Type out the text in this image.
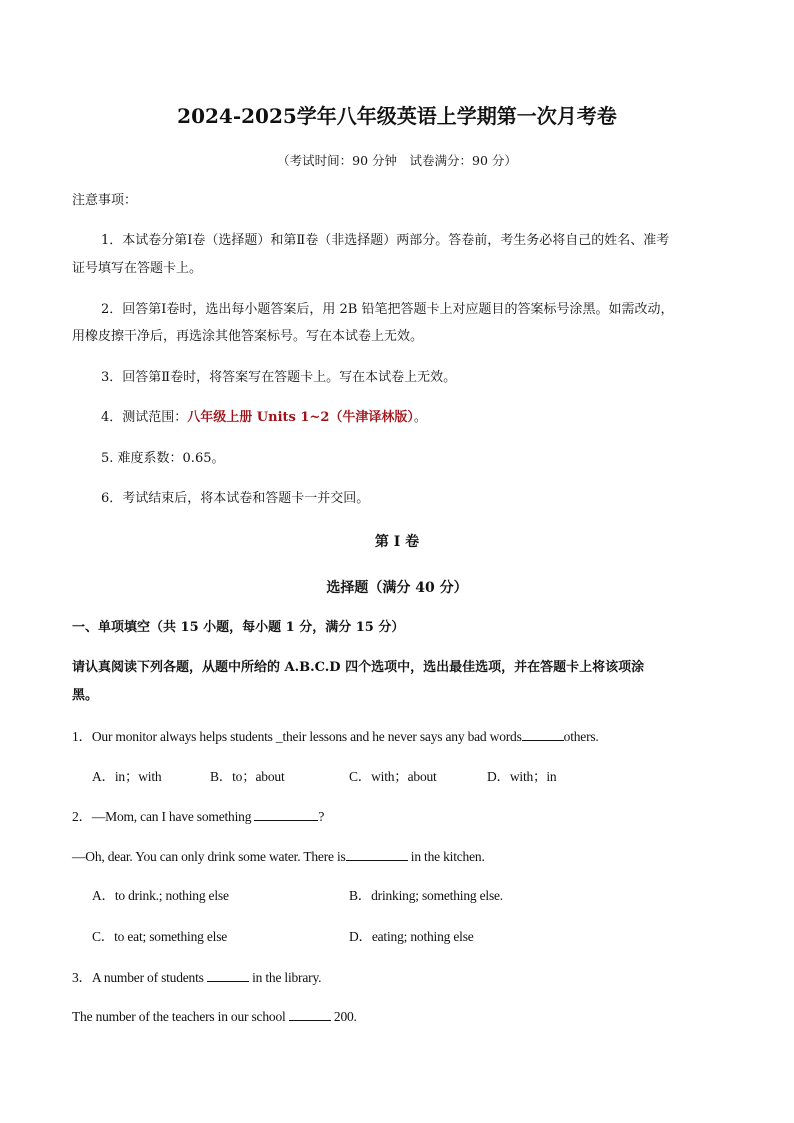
2024-2025学年八年级英语上学期第一次月考卷
（考试时间：90 分钟　试卷满分：90 分）
注意事项：
1．本试卷分第Ⅰ卷（选择题）和第Ⅱ卷（非选择题）两部分。答卷前，考生务必将自己的姓名、准考
证号填写在答题卡上。
2．回答第Ⅰ卷时，选出每小题答案后，用 2B 铅笔把答题卡上对应题目的答案标号涂黑。如需改动，
用橡皮擦干净后，再选涂其他答案标号。写在本试卷上无效。
3．回答第Ⅱ卷时，将答案写在答题卡上。写在本试卷上无效。
4．测试范围：八年级上册 Units 1~2（牛津译林版）。
5. 难度系数：0.65。
6．考试结束后，将本试卷和答题卡一并交回。
第 I 卷
选择题（满分 40 分）
一、单项填空（共 15 小题，每小题 1 分，满分 15 分）
请认真阅读下列各题，从题中所给的 A.B.C.D 四个选项中，选出最佳选项，并在答题卡上将该项涂
黑。
1．Our monitor always helps students _their lessons and he never says any bad words	others.
A．in；with	B．to；about	C．with；about	D．with；in
2．—Mom, can I have something	?
—Oh, dear. You can only drink some water. There is	in the kitchen.
A．to drink.; nothing else	B．drinking; something else.
C．to eat; something else	D．eating; nothing else
3．A number of students	in the library.
The number of the teachers in our school	200.
